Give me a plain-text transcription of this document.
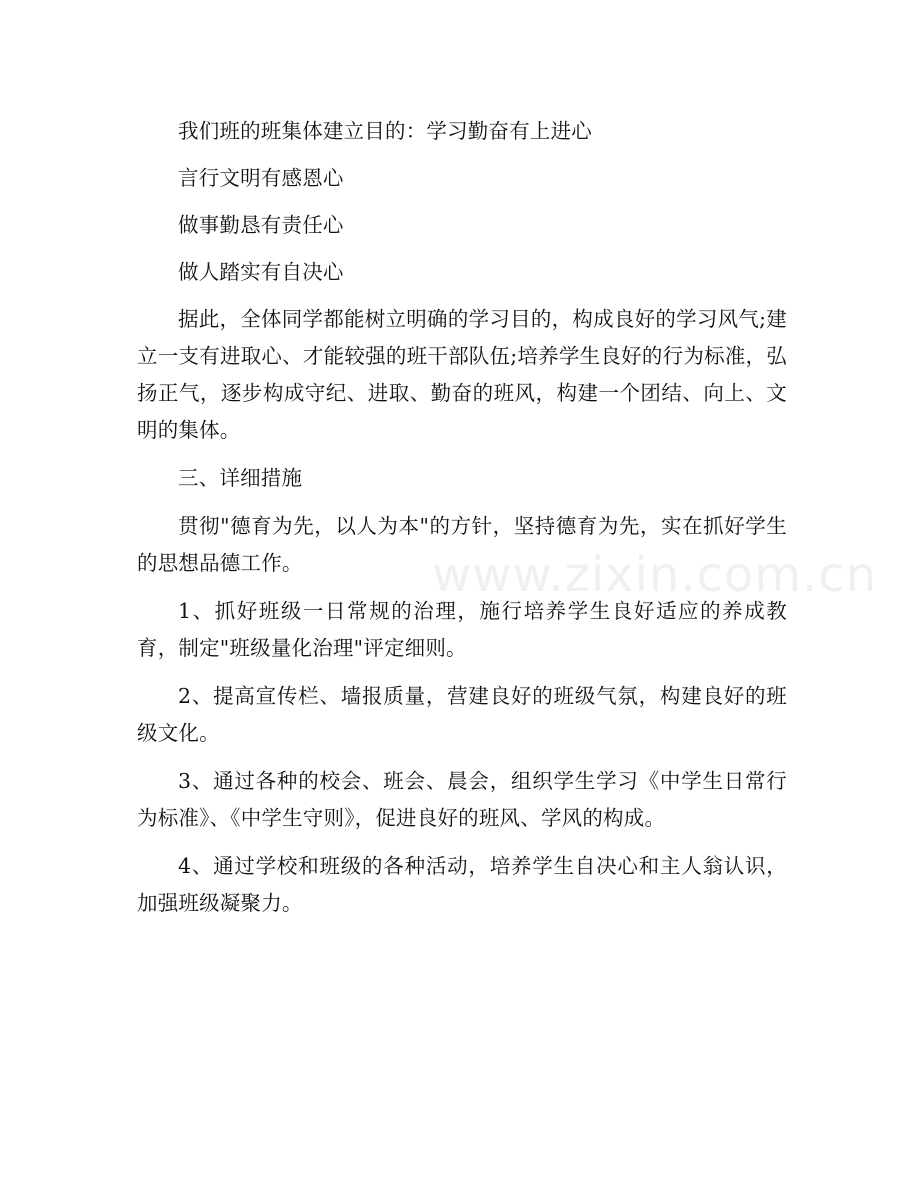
我们班的班集体建立目的：学习勤奋有上进心

言行文明有感恩心

做事勤恳有责任心

做人踏实有自决心

据此，全体同学都能树立明确的学习目的，构成良好的学习风气;建立一支有进取心、才能较强的班干部队伍;培养学生良好的行为标准，弘扬正气，逐步构成守纪、进取、勤奋的班风，构建一个团结、向上、文明的集体。

三、详细措施

贯彻"德育为先，以人为本"的方针，坚持德育为先，实在抓好学生的思想品德工作。

1、抓好班级一日常规的治理，施行培养学生良好适应的养成教育，制定"班级量化治理"评定细则。

2、提高宣传栏、墙报质量，营建良好的班级气氛，构建良好的班级文化。

3、通过各种的校会、班会、晨会，组织学生学习《中学生日常行为标准》、《中学生守则》，促进良好的班风、学风的构成。

4、通过学校和班级的各种活动，培养学生自决心和主人翁认识，加强班级凝聚力。

www.zixin.com.cn
